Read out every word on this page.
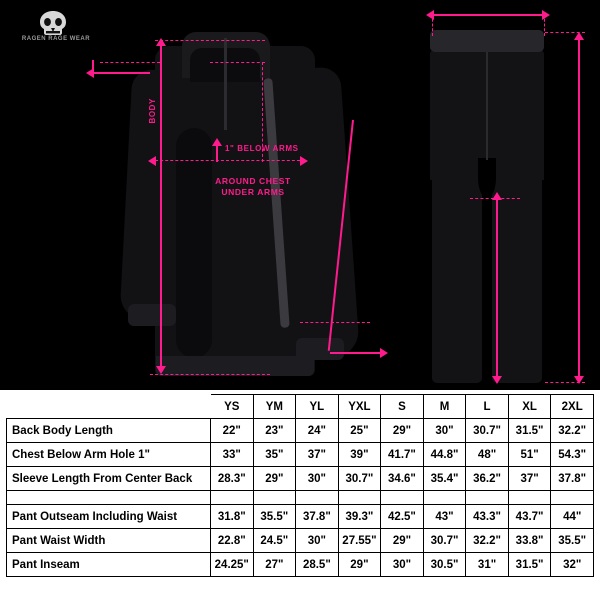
RAGEN RAGE WEAR
BODY
1" BELOW ARMS
AROUND CHEST
UNDER ARMS
	YS	YM	YL	YXL	S	M	L	XL	2XL
Back Body Length	22"	23"	24"	25"	29"	30"	30.7"	31.5"	32.2"
Chest Below Arm Hole 1"	33"	35"	37"	39"	41.7"	44.8"	48"	51"	54.3"
Sleeve Length From Center Back	28.3"	29"	30"	30.7"	34.6"	35.4"	36.2"	37"	37.8"

Pant Outseam Including Waist	31.8"	35.5"	37.8"	39.3"	42.5"	43"	43.3"	43.7"	44"
Pant Waist Width	22.8"	24.5"	30"	27.55"	29"	30.7"	32.2"	33.8"	35.5"
Pant Inseam	24.25"	27"	28.5"	29"	30"	30.5"	31"	31.5"	32"
